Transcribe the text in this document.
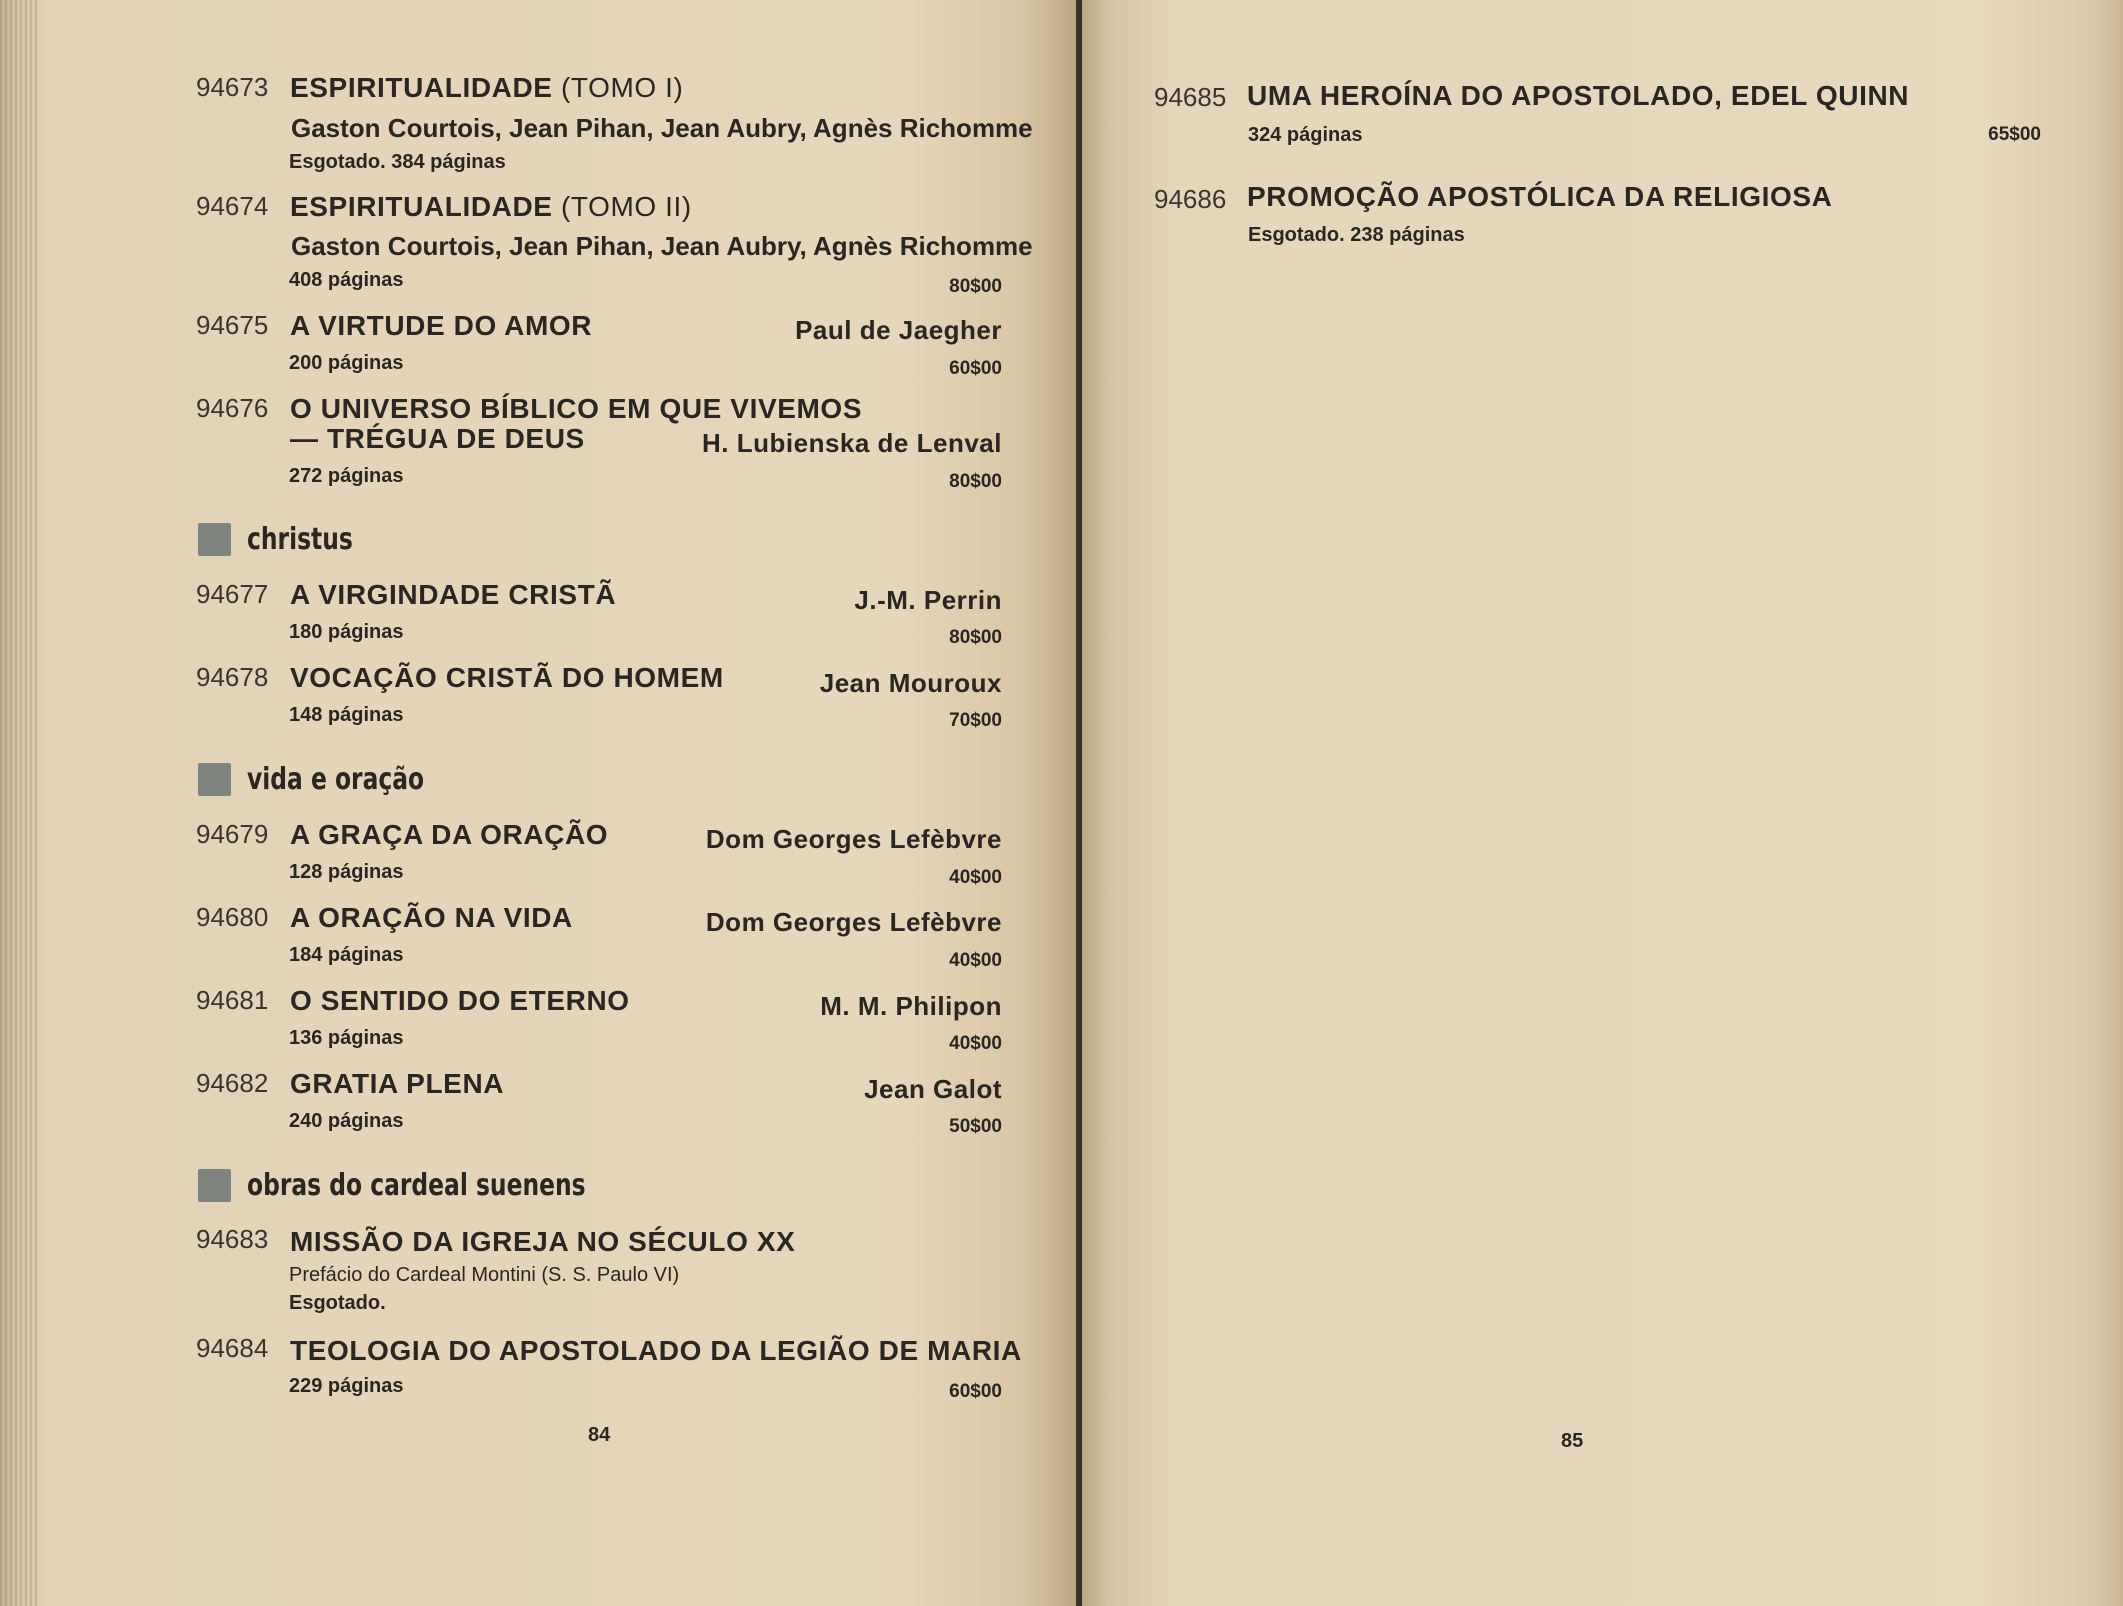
94673 ESPIRITUALIDADE (TOMO I)
Gaston Courtois, Jean Pihan, Jean Aubry, Agnès Richomme
Esgotado. 384 páginas
94674 ESPIRITUALIDADE (TOMO II)
Gaston Courtois, Jean Pihan, Jean Aubry, Agnès Richomme
408 páginas	80$00
94675 A VIRTUDE DO AMOR	Paul de Jaegher
200 páginas	60$00
94676 O UNIVERSO BÍBLICO EM QUE VIVEMOS
— TRÉGUA DE DEUS	H. Lubienska de Lenval
272 páginas	80$00
christus
94677 A VIRGINDADE CRISTÃ	J.-M. Perrin
180 páginas	80$00
94678 VOCAÇÃO CRISTÃ DO HOMEM	Jean Mouroux
148 páginas	70$00
vida e oração
94679 A GRAÇA DA ORAÇÃO	Dom Georges Lefèbvre
128 páginas	40$00
94680 A ORAÇÃO NA VIDA	Dom Georges Lefèbvre
184 páginas	40$00
94681 O SENTIDO DO ETERNO	M. M. Philipon
136 páginas	40$00
94682 GRATIA PLENA	Jean Galot
240 páginas	50$00
obras do cardeal suenens
94683 MISSÃO DA IGREJA NO SÉCULO XX
Prefácio do Cardeal Montini (S. S. Paulo VI)
Esgotado.
94684 TEOLOGIA DO APOSTOLADO DA LEGIÃO DE MARIA
229 páginas	60$00
84
94685 UMA HEROÍNA DO APOSTOLADO, EDEL QUINN
324 páginas	65$00
94686 PROMOÇÃO APOSTÓLICA DA RELIGIOSA
Esgotado. 238 páginas
85
